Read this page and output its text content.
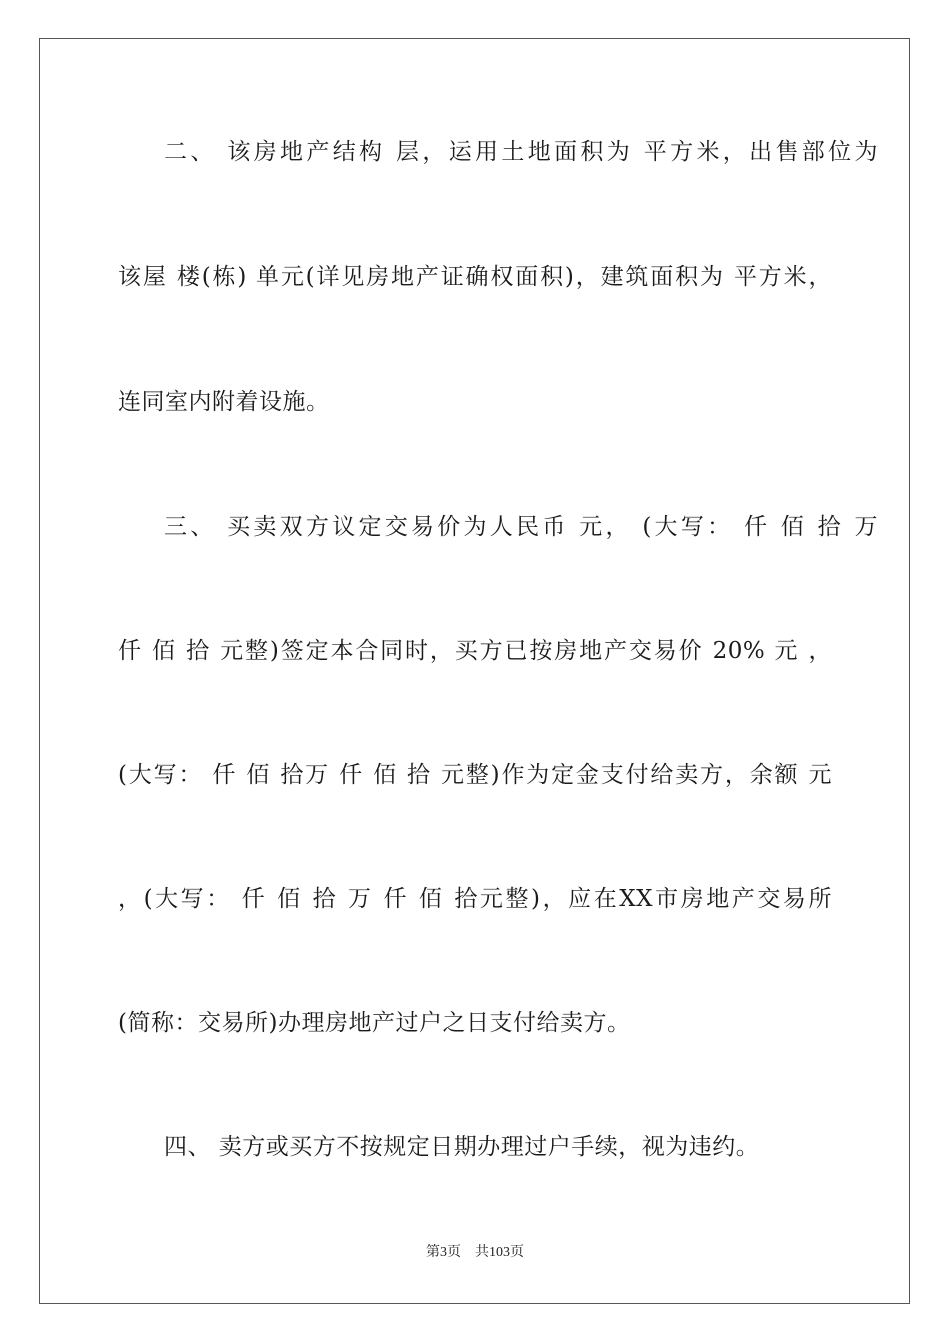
二、 该房地产结构 层，运用土地面积为 平方米，出售部位为
该屋 楼(栋) 单元(详见房地产证确权面积)，建筑面积为 平方米，
连同室内附着设施。
三、 买卖双方议定交易价为人民币 元， (大写： 仟 佰 拾 万
仟 佰 拾 元整)签定本合同时，买方已按房地产交易价 20% 元 ，
(大写： 仟 佰 拾万 仟 佰 拾 元整)作为定金支付给卖方，余额 元
，(大写： 仟 佰 拾 万 仟 佰 拾元整)，应在XX市房地产交易所
(简称：交易所)办理房地产过户之日支付给卖方。
四、 卖方或买方不按规定日期办理过户手续，视为违约。
第3页 共103页
